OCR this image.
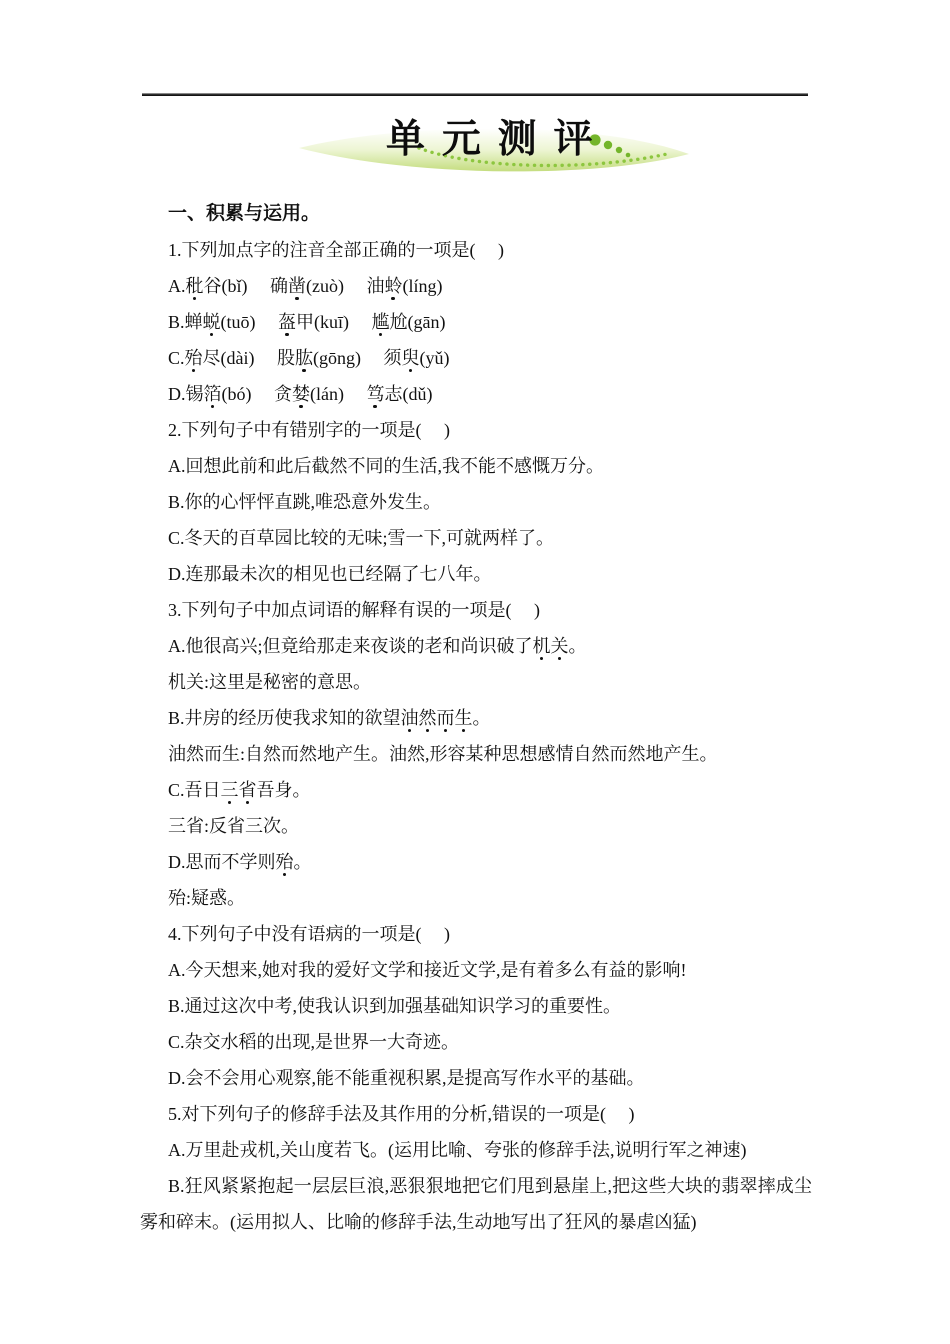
单 元 测 评

一、积累与运用。

1.下列加点字的注音全部正确的一项是(　 )

A.秕谷(bǐ)　 确凿(zuò)　 油蛉(líng)

B.蝉蜕(tuō)　 盔甲(kuī)　 尴尬(gān)

C.殆尽(dài)　 股肱(gōng)　 须臾(yǔ)

D.锡箔(bó)　 贪婪(lán)　 笃志(dǔ)

2.下列句子中有错别字的一项是(　 )

A.回想此前和此后截然不同的生活,我不能不感慨万分。

B.你的心怦怦直跳,唯恐意外发生。

C.冬天的百草园比较的无味;雪一下,可就两样了。

D.连那最未次的相见也已经隔了七八年。

3.下列句子中加点词语的解释有误的一项是(　 )

A.他很高兴;但竟给那走来夜谈的老和尚识破了机关。

机关:这里是秘密的意思。

B.井房的经历使我求知的欲望油然而生。

油然而生:自然而然地产生。油然,形容某种思想感情自然而然地产生。

C.吾日三省吾身。

三省:反省三次。

D.思而不学则殆。

殆:疑惑。

4.下列句子中没有语病的一项是(　 )

A.今天想来,她对我的爱好文学和接近文学,是有着多么有益的影响!

B.通过这次中考,使我认识到加强基础知识学习的重要性。

C.杂交水稻的出现,是世界一大奇迹。

D.会不会用心观察,能不能重视积累,是提高写作水平的基础。

5.对下列句子的修辞手法及其作用的分析,错误的一项是(　 )

A.万里赴戎机,关山度若飞。(运用比喻、夸张的修辞手法,说明行军之神速)

B.狂风紧紧抱起一层层巨浪,恶狠狠地把它们甩到悬崖上,把这些大块的翡翠摔成尘雾和碎末。(运用拟人、比喻的修辞手法,生动地写出了狂风的暴虐凶猛)
